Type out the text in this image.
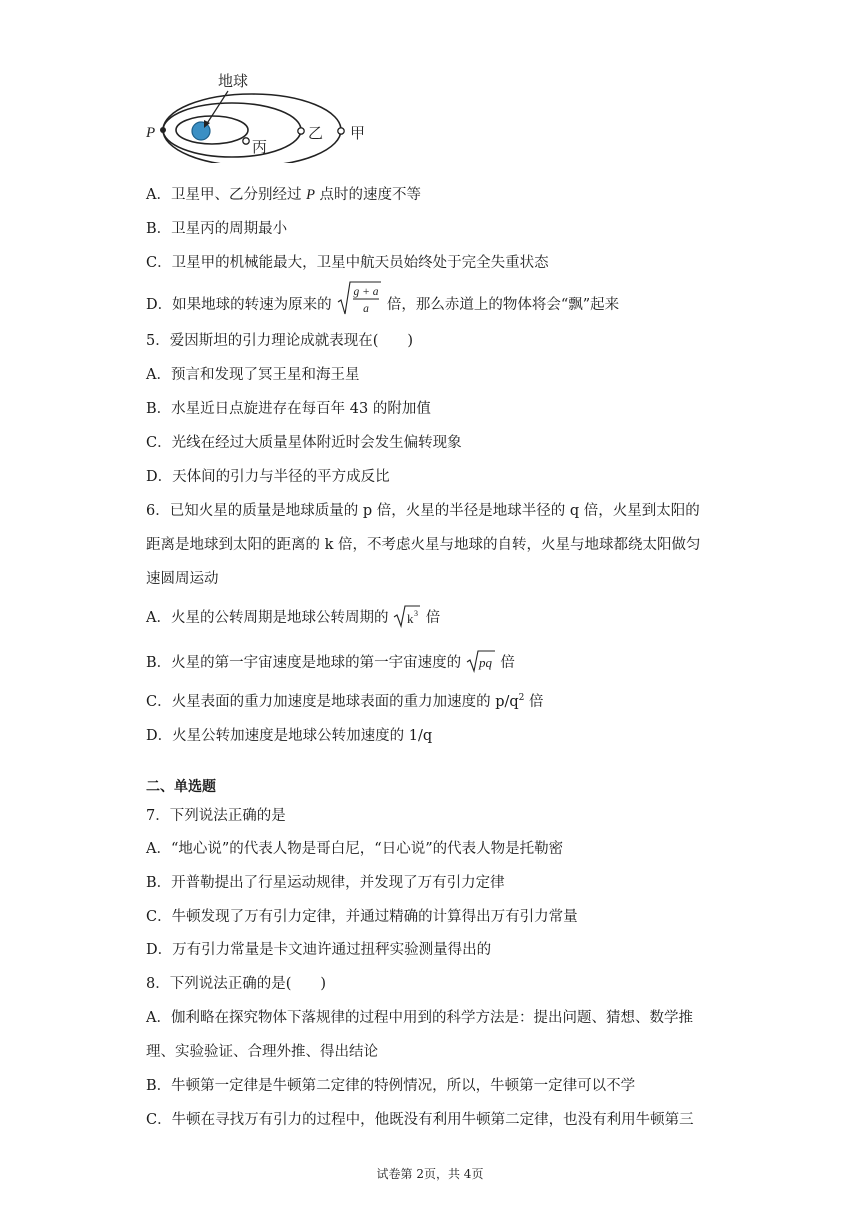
地球
P
丙
乙 甲
A．卫星甲、乙分别经过 P 点时的速度不等
B．卫星丙的周期最小
C．卫星甲的机械能最大，卫星中航天员始终处于完全失重状态
D．如果地球的转速为原来的
g + a
a 倍，那么赤道上的物体将会“飘”起来
5．爱因斯坦的引力理论成就表现在(　　)
A．预言和发现了冥王星和海王星
B．水星近日点旋进存在每百年 43 的附加值
C．光线在经过大质量星体附近时会发生偏转现象
D．天体间的引力与半径的平方成反比
6．已知火星的质量是地球质量的 p 倍，火星的半径是地球半径的 q 倍，火星到太阳的
距离是地球到太阳的距离的 k 倍，不考虑火星与地球的自转，火星与地球都绕太阳做匀
速圆周运动
A．火星的公转周期是地球公转周期的 k 3 倍
B．火星的第一宇宙速度是地球的第一宇宙速度的 pq 倍
C．火星表面的重力加速度是地球表面的重力加速度的 $p/q^2$ 倍
D．火星公转加速度是地球公转加速度的 1/q
二、单选题
7．下列说法正确的是
A．“地心说”的代表人物是哥白尼，“日心说”的代表人物是托勒密
B．开普勒提出了行星运动规律，并发现了万有引力定律
C．牛顿发现了万有引力定律，并通过精确的计算得出万有引力常量
D．万有引力常量是卡文迪许通过扭秤实验测量得出的
8．下列说法正确的是(　　)
A．伽利略在探究物体下落规律的过程中用到的科学方法是：提出问题、猜想、数学推
理、实验验证、合理外推、得出结论
B．牛顿第一定律是牛顿第二定律的特例情况，所以，牛顿第一定律可以不学
C．牛顿在寻找万有引力的过程中，他既没有利用牛顿第二定律，也没有利用牛顿第三
试卷第 2页，共 4页
